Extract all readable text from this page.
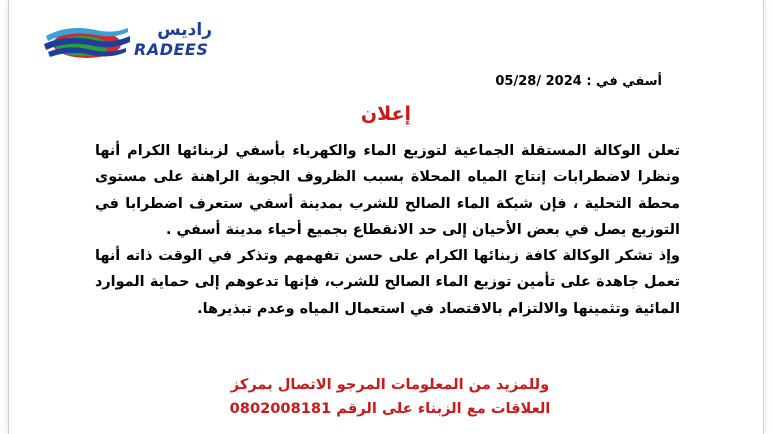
راديس
RADEES
أسفي في : 2024 /05/28
إعلان

تعلن الوكالة المستقلة الجماعية لتوزيع الماء والكهرباء بأسفي لزبنائها الكرام أنها ونظرا لاضطرابات إنتاج المياه المحلاة بسبب الظروف الجوية الراهنة على مستوى محطة التحلية ، فإن شبكة الماء الصالح للشرب بمدينة أسفي ستعرف اضطرابا في التوزيع يصل في بعض الأحيان إلى حد الانقطاع بجميع أحياء مدينة أسفي .

وإذ تشكر الوكالة كافة زبنائها الكرام على حسن تفهمهم وتذكر في الوقت ذاته أنها تعمل جاهدة على تأمين توزيع الماء الصالح للشرب، فإنها تدعوهم إلى حماية الموارد المائية وتثمينها والالتزام بالاقتصاد في استعمال المياه وعدم تبذيرها.

وللمزيد من المعلومات المرجو الاتصال بمركز
العلاقات مع الزبناء على الرقم 0802008181
